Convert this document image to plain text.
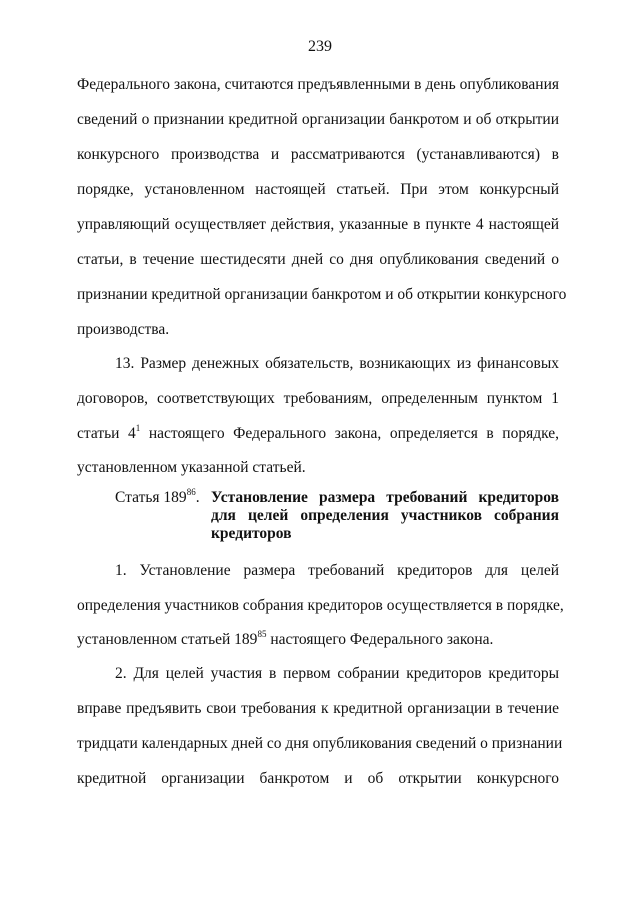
239
Федерального закона, считаются предъявленными в день опубликования
сведений о признании кредитной организации банкротом и об открытии
конкурсного производства и рассматриваются (устанавливаются) в
порядке, установленном настоящей статьей. При этом конкурсный
управляющий осуществляет действия, указанные в пункте 4 настоящей
статьи, в течение шестидесяти дней со дня опубликования сведений о
признании кредитной организации банкротом и об открытии конкурсного
производства.
13. Размер денежных обязательств, возникающих из финансовых
договоров, соответствующих требованиям, определенным пунктом 1
статьи $4^1$ настоящего Федерального закона, определяется в порядке,
установленном указанной статьей.
Статья $189^{86}$. Установление размера требований кредиторов
для целей определения участников собрания
кредиторов
1. Установление размера требований кредиторов для целей
определения участников собрания кредиторов осуществляется в порядке,
установленном статьей $189^{85}$ настоящего Федерального закона.
2. Для целей участия в первом собрании кредиторов кредиторы
вправе предъявить свои требования к кредитной организации в течение
тридцати календарных дней со дня опубликования сведений о признании
кредитной организации банкротом и об открытии конкурсного
